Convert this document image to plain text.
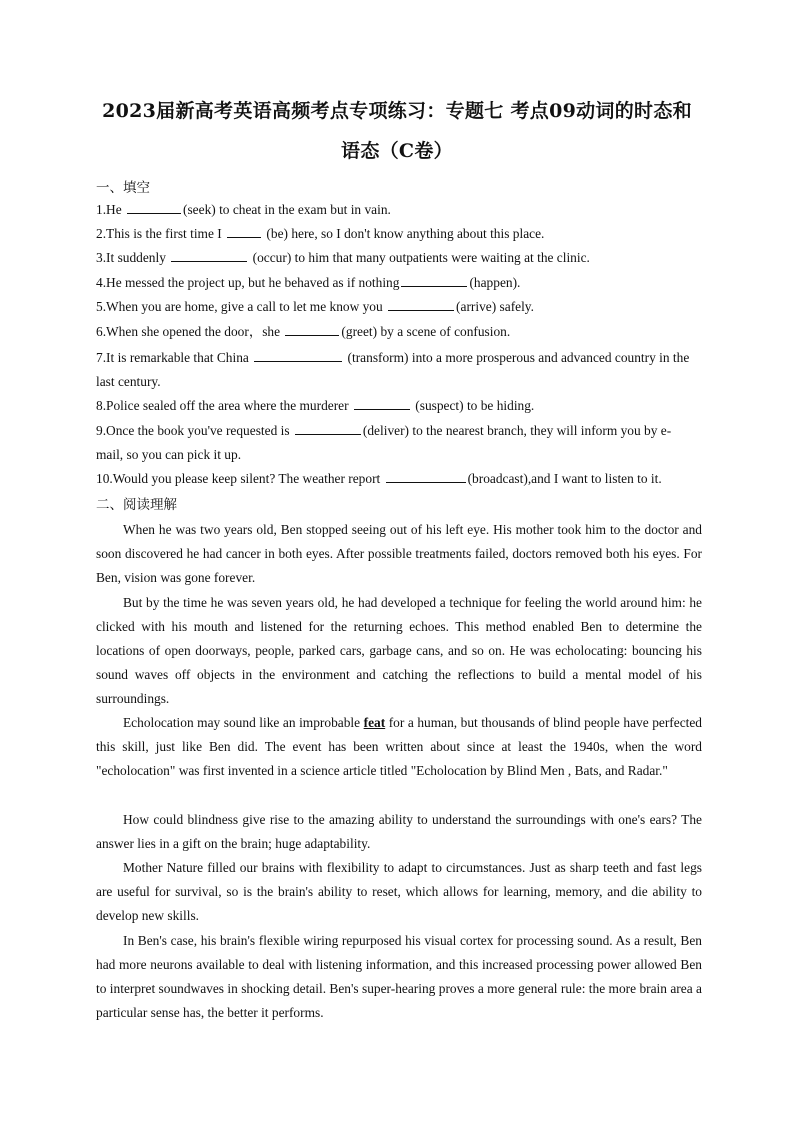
2023届新高考英语高频考点专项练习：专题七 考点09动词的时态和
语态（C卷）
一、填空
1.He	(seek) to cheat in the exam but in vain.
2.This is the first time I	(be) here, so I don't know anything about this place.
3.It suddenly	(occur) to him that many outpatients were waiting at the clinic.
4.He messed the project up, but he behaved as if nothing	(happen).
5.When you are home, give a call to let me know you	(arrive) safely.
6.When she opened the door，she	(greet) by a scene of confusion.
7.It is remarkable that China	(transform) into a more prosperous and advanced country in the last century.
8.Police sealed off the area where the murderer	(suspect) to be hiding.
9.Once the book you've requested is	(deliver) to the nearest branch, they will inform you by e-mail, so you can pick it up.
10.Would you please keep silent? The weather report	(broadcast),and I want to listen to it.
二、阅读理解
When he was two years old, Ben stopped seeing out of his left eye. His mother took him to the doctor and soon discovered he had cancer in both eyes. After possible treatments failed, doctors removed both his eyes. For Ben, vision was gone forever.
But by the time he was seven years old, he had developed a technique for feeling the world around him: he clicked with his mouth and listened for the returning echoes. This method enabled Ben to determine the locations of open doorways, people, parked cars, garbage cans, and so on. He was echolocating: bouncing his sound waves off objects in the environment and catching the reflections to build a mental model of his surroundings.
Echolocation may sound like an improbable feat for a human, but thousands of blind people have perfected this skill, just like Ben did. The event has been written about since at least the 1940s, when the word "echolocation" was first invented in a science article titled "Echolocation by Blind Men , Bats, and Radar."
How could blindness give rise to the amazing ability to understand the surroundings with one's ears? The answer lies in a gift on the brain; huge adaptability.
Mother Nature filled our brains with flexibility to adapt to circumstances. Just as sharp teeth and fast legs are useful for survival, so is the brain's ability to reset, which allows for learning, memory, and die ability to develop new skills.
In Ben's case, his brain's flexible wiring repurposed his visual cortex for processing sound. As a result, Ben had more neurons available to deal with listening information, and this increased processing power allowed Ben to interpret soundwaves in shocking detail. Ben's super-hearing proves a more general rule: the more brain area a particular sense has, the better it performs.
